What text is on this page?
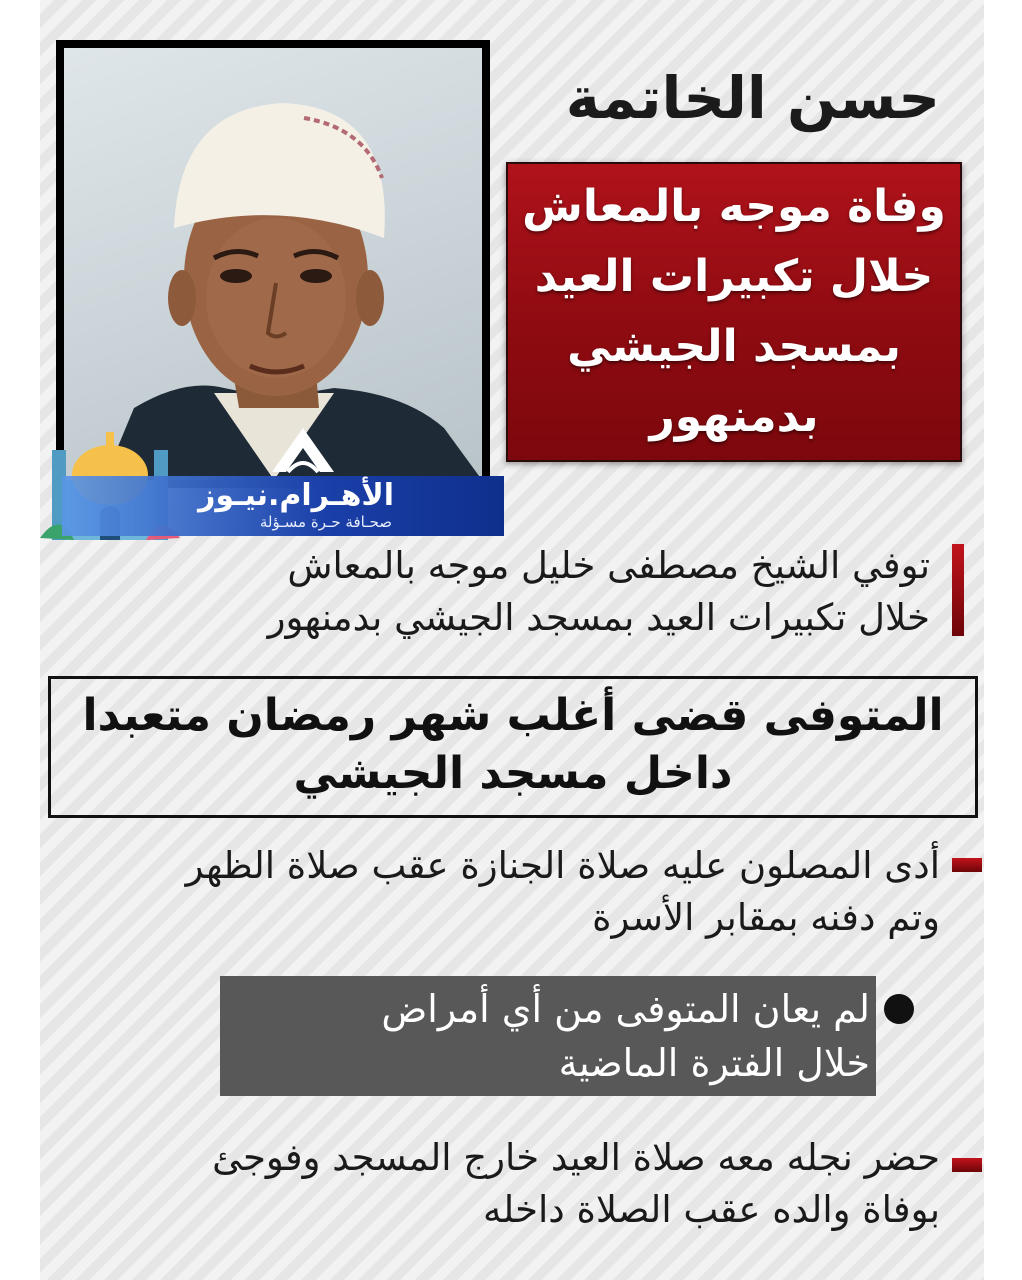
الأهـرام.نيـوز
صحـافة حـرة مسـؤلة
حسن الخاتمة
وفاة موجه بالمعاش
خلال تكبيرات العيد
بمسجد الجيشي
بدمنهور
توفي الشيخ مصطفى خليل موجه بالمعاش
خلال تكبيرات العيد بمسجد الجيشي بدمنهور
المتوفى قضى أغلب شهر رمضان متعبدا
داخل مسجد الجيشي
أدى المصلون عليه صلاة الجنازة عقب صلاة الظهر
وتم دفنه بمقابر الأسرة
لم يعان المتوفى من أي أمراض
خلال الفترة الماضية
حضر نجله معه صلاة العيد خارج المسجد وفوجئ
بوفاة والده عقب الصلاة داخله
